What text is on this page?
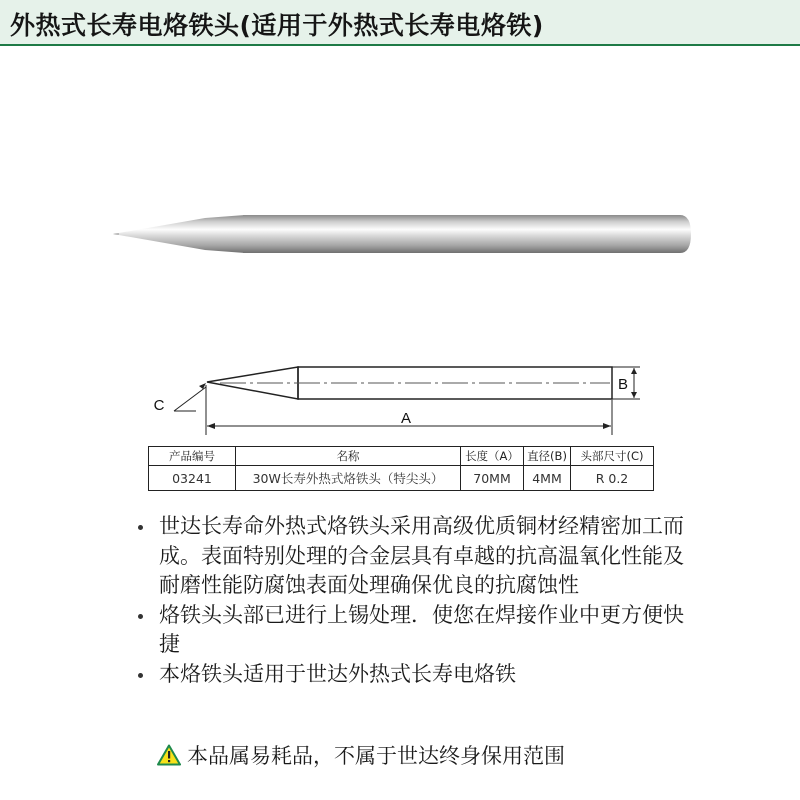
外热式长寿电烙铁头(适用于外热式长寿电烙铁)
A
B
C
产品编号	名称	长度（A）	直径(B)	头部尺寸(C)
03241	30W长寿外热式烙铁头（特尖头）	70MM	4MM	R 0.2
世达长寿命外热式烙铁头采用高级优质铜材经精密加工而成。表面特别处理的合金层具有卓越的抗高温氧化性能及耐磨性能防腐蚀表面处理确保优良的抗腐蚀性
烙铁头头部已进行上锡处理．使您在焊接作业中更方便快捷
本烙铁头适用于世达外热式长寿电烙铁
本品属易耗品，不属于世达终身保用范围
